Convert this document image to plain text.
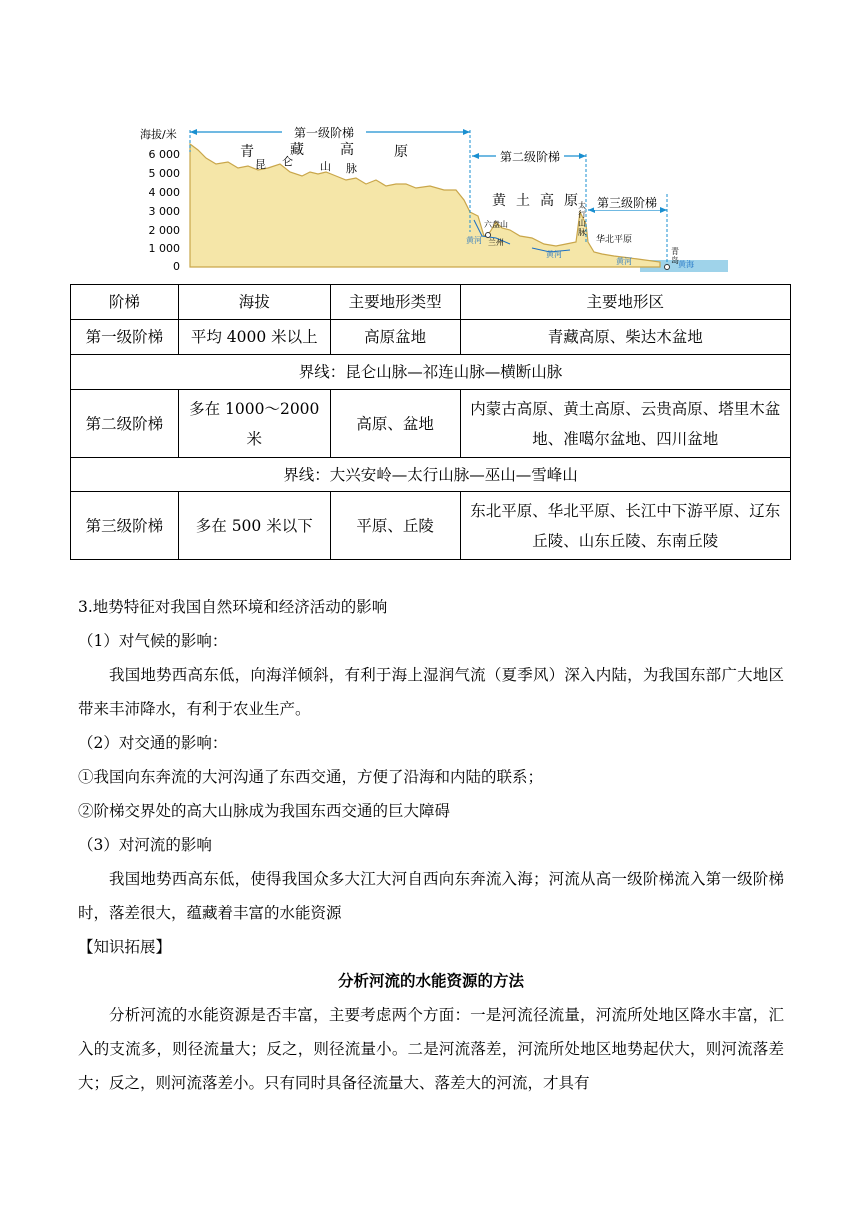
海拔/米
6 000
5 000
4 000
3 000
2 000
1 000
0
第一级阶梯
第二级阶梯
第三级阶梯
青	藏	高	原
黄 土 高 原
昆 仑 山 脉
六盘山
太
行
山
脉
华北平原
青
岛
兰州
黄河
黄河
黄河	黄海
阶梯	海拔	主要地形类型	主要地形区
第一级阶梯	平均 4000 米以上	高原盆地	青藏高原、柴达木盆地
界线：昆仑山脉—祁连山脉—横断山脉			
第二级阶梯	多在 1000～2000 米	高原、盆地	内蒙古高原、黄土高原、云贵高原、塔里木盆地、准噶尔盆地、四川盆地
界线：大兴安岭—太行山脉—巫山—雪峰山			
第三级阶梯	多在 500 米以下	平原、丘陵	东北平原、华北平原、长江中下游平原、辽东丘陵、山东丘陵、东南丘陵

3.地势特征对我国自然环境和经济活动的影响

（1）对气候的影响：

我国地势西高东低，向海洋倾斜，有利于海上湿润气流（夏季风）深入内陆，为我国东部广大地区带来丰沛降水，有利于农业生产。

（2）对交通的影响：

①我国向东奔流的大河沟通了东西交通，方便了沿海和内陆的联系；

②阶梯交界处的高大山脉成为我国东西交通的巨大障碍

（3）对河流的影响

我国地势西高东低，使得我国众多大江大河自西向东奔流入海；河流从高一级阶梯流入第一级阶梯时，落差很大，蕴藏着丰富的水能资源

【知识拓展】

分析河流的水能资源的方法

分析河流的水能资源是否丰富，主要考虑两个方面：一是河流径流量，河流所处地区降水丰富，汇入的支流多，则径流量大；反之，则径流量小。二是河流落差，河流所处地区地势起伏大，则河流落差大；反之，则河流落差小。只有同时具备径流量大、落差大的河流，才具有
